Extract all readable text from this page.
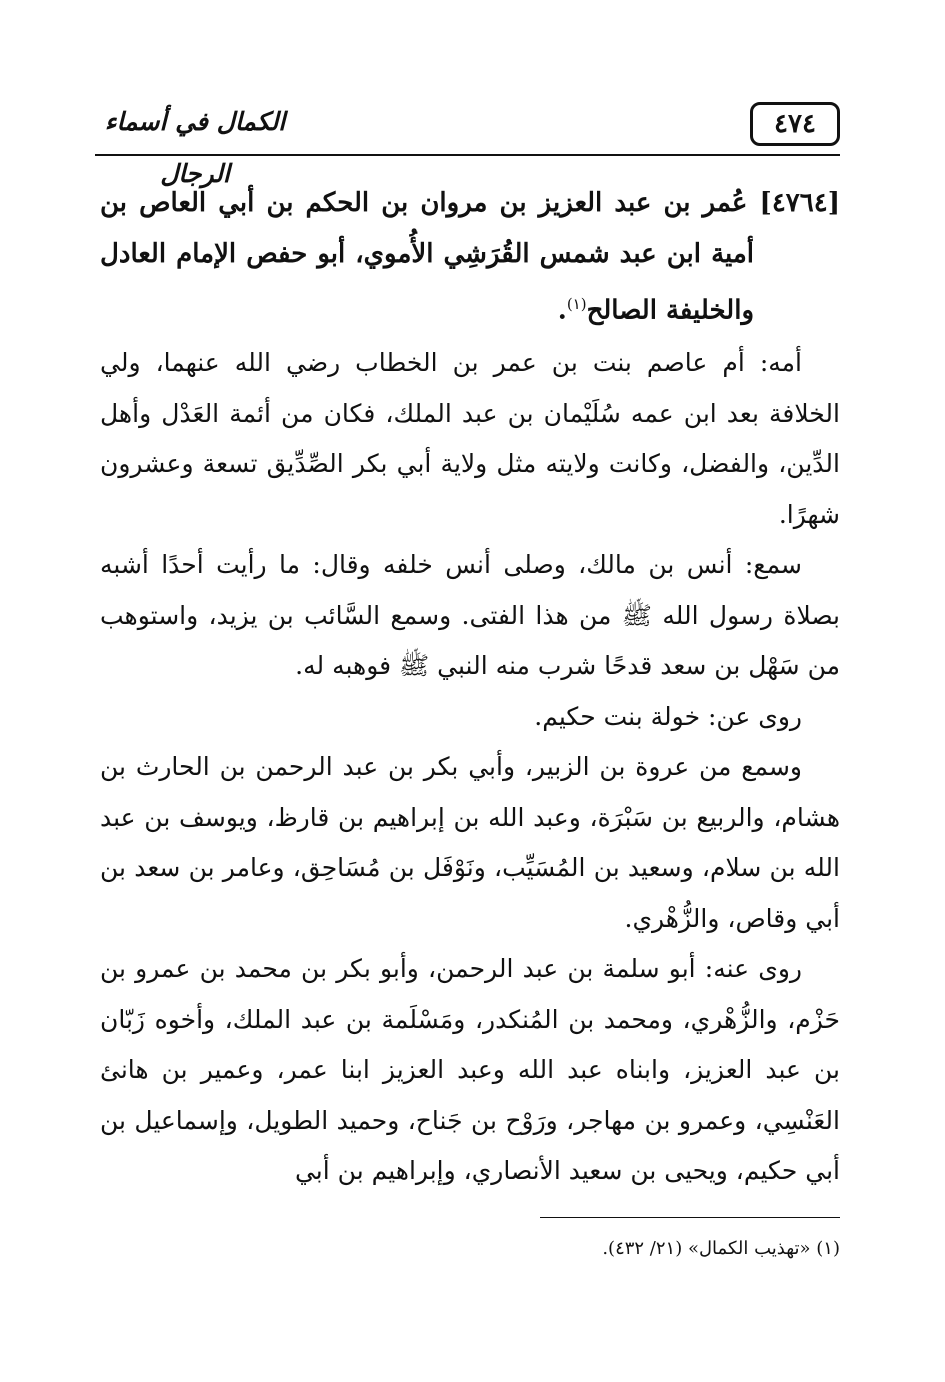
٤٧٤
الكمال في أسماء الرجال

[٤٧٦٤] عُمر بن عبد العزيز بن مروان بن الحكم بن أبي العاص بن أمية ابن عبد شمس القُرَشِي الأُموي، أبو حفص الإمام العادل والخليفة الصالح$^{(١)}$.

أمه: أم عاصم بنت بن عمر بن الخطاب رضي الله عنهما، ولي الخلافة بعد ابن عمه سُلَيْمان بن عبد الملك، فكان من أئمة العَدْل وأهل الدِّين، والفضل، وكانت ولايته مثل ولاية أبي بكر الصِّدِّيق تسعة وعشرون شهرًا.

سمع: أنس بن مالك، وصلى أنس خلفه وقال: ما رأيت أحدًا أشبه بصلاة رسول الله ﷺ من هذا الفتى. وسمع السَّائب بن يزيد، واستوهب من سَهْل بن سعد قدحًا شرب منه النبي ﷺ فوهبه له.

روى عن: خولة بنت حكيم.

وسمع من عروة بن الزبير، وأبي بكر بن عبد الرحمن بن الحارث بن هشام، والربيع بن سَبْرَة، وعبد الله بن إبراهيم بن قارظ، ويوسف بن عبد الله بن سلام، وسعيد بن المُسَيِّب، ونَوْفَل بن مُسَاحِق، وعامر بن سعد بن أبي وقاص، والزُّهْري.

روى عنه: أبو سلمة بن عبد الرحمن، وأبو بكر بن محمد بن عمرو بن حَزْم، والزُّهْري، ومحمد بن المُنكدر، ومَسْلَمة بن عبد الملك، وأخوه زَبّان بن عبد العزيز، وابناه عبد الله وعبد العزيز ابنا عمر، وعمير بن هانئ العَنْسِي، وعمرو بن مهاجر، ورَوْح بن جَناح، وحميد الطويل، وإسماعيل بن أبي حكيم، ويحيى بن سعيد الأنصاري، وإبراهيم بن أبي

(١) «تهذيب الكمال» (٢١/ ٤٣٢).
